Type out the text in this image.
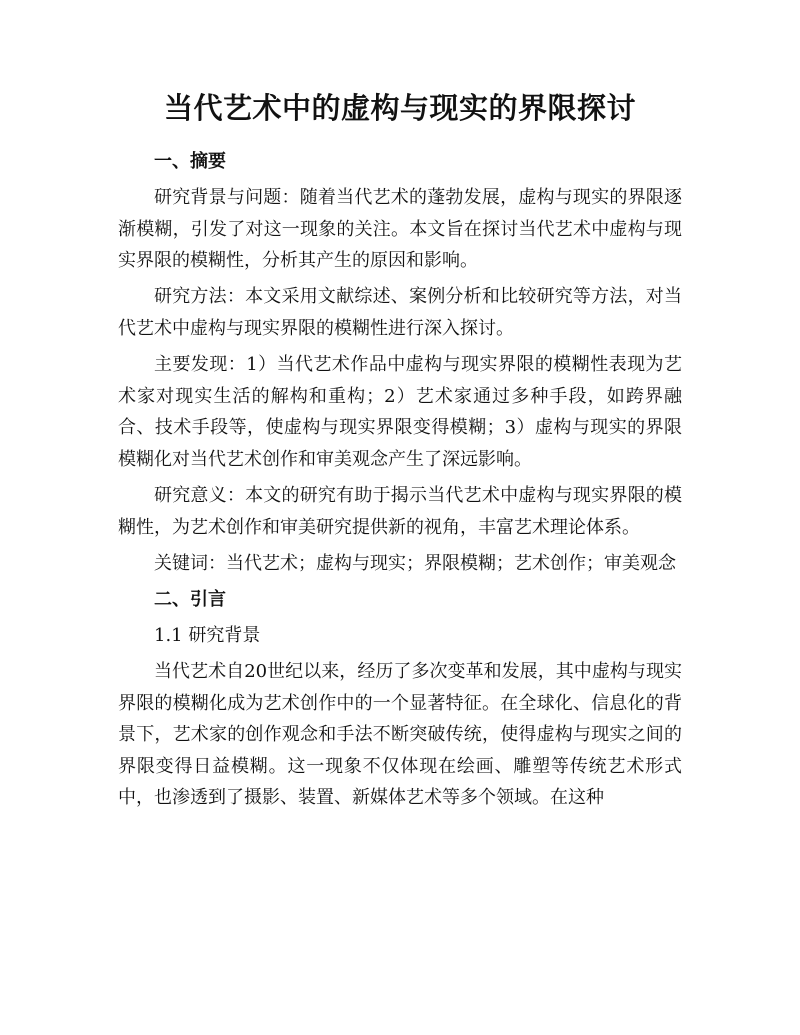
当代艺术中的虚构与现实的界限探讨
一、摘要

研究背景与问题：随着当代艺术的蓬勃发展，虚构与现实的界限逐渐模糊，引发了对这一现象的关注。本文旨在探讨当代艺术中虚构与现实界限的模糊性，分析其产生的原因和影响。

研究方法：本文采用文献综述、案例分析和比较研究等方法，对当代艺术中虚构与现实界限的模糊性进行深入探讨。

主要发现：1）当代艺术作品中虚构与现实界限的模糊性表现为艺术家对现实生活的解构和重构；2）艺术家通过多种手段，如跨界融合、技术手段等，使虚构与现实界限变得模糊；3）虚构与现实的界限模糊化对当代艺术创作和审美观念产生了深远影响。

研究意义：本文的研究有助于揭示当代艺术中虚构与现实界限的模糊性，为艺术创作和审美研究提供新的视角，丰富艺术理论体系。

关键词：当代艺术；虚构与现实；界限模糊；艺术创作；审美观念

二、引言
1.1 研究背景

当代艺术自20世纪以来，经历了多次变革和发展，其中虚构与现实界限的模糊化成为艺术创作中的一个显著特征。在全球化、信息化的背景下，艺术家的创作观念和手法不断突破传统，使得虚构与现实之间的界限变得日益模糊。这一现象不仅体现在绘画、雕塑等传统艺术形式中，也渗透到了摄影、装置、新媒体艺术等多个领域。在这种
